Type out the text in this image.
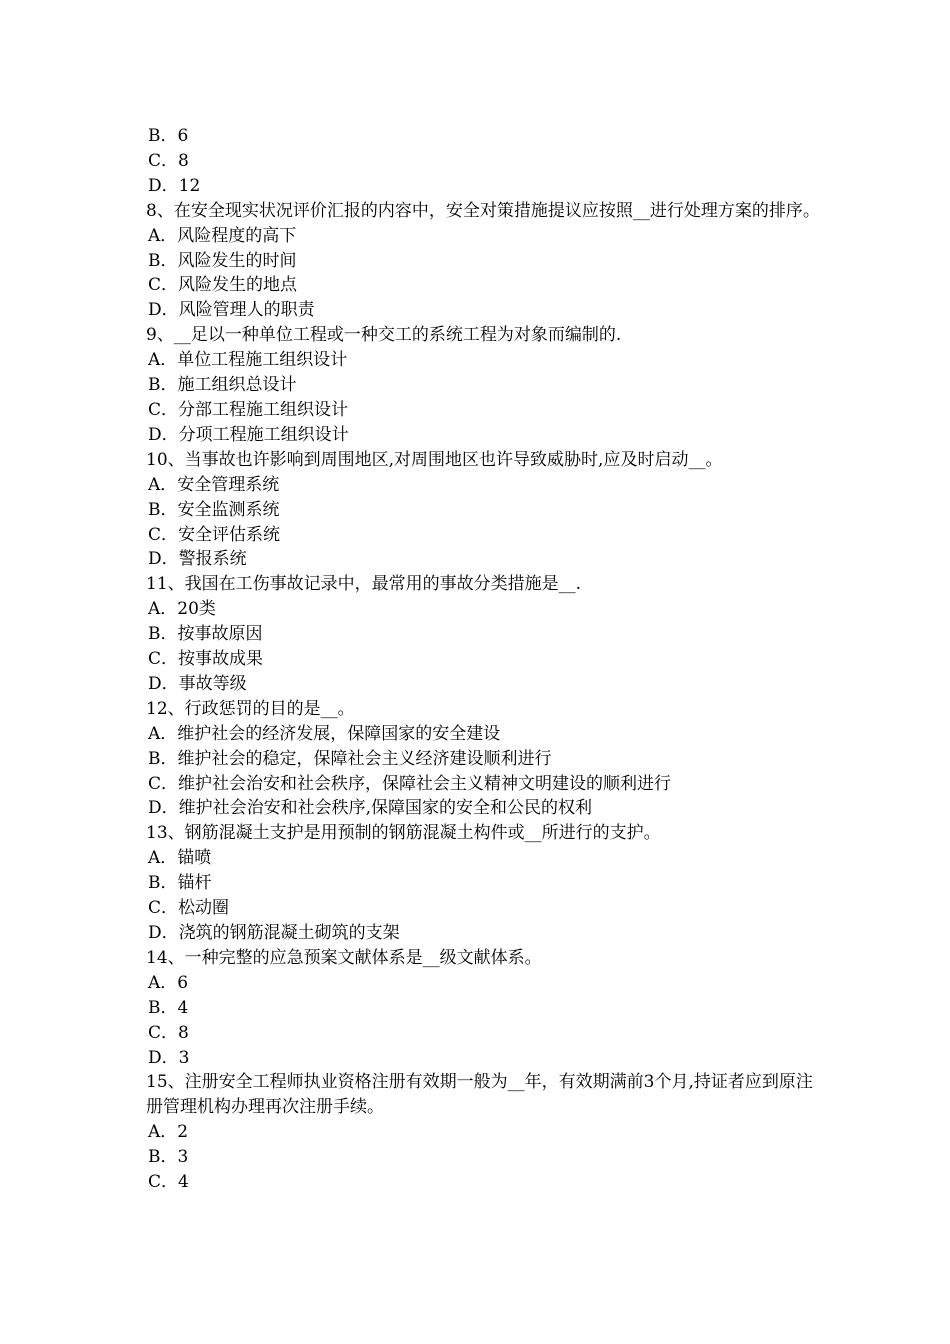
B．6
C．8
D．12
8、在安全现实状况评价汇报的内容中，安全对策措施提议应按照__进行处理方案的排序。
A．风险程度的高下
B．风险发生的时间
C．风险发生的地点
D．风险管理人的职责
9、__足以一种单位工程或一种交工的系统工程为对象而编制的.
A．单位工程施工组织设计
B．施工组织总设计
C．分部工程施工组织设计
D．分项工程施工组织设计
10、当事故也许影响到周围地区,对周围地区也许导致威胁时,应及时启动__。
A．安全管理系统
B．安全监测系统
C．安全评估系统
D．警报系统
11、我国在工伤事故记录中，最常用的事故分类措施是__.
A．20类
B．按事故原因
C．按事故成果
D．事故等级
12、行政惩罚的目的是__。
A．维护社会的经济发展，保障国家的安全建设
B．维护社会的稳定，保障社会主义经济建设顺利进行
C．维护社会治安和社会秩序，保障社会主义精神文明建设的顺利进行
D．维护社会治安和社会秩序,保障国家的安全和公民的权利
13、钢筋混凝土支护是用预制的钢筋混凝土构件或__所进行的支护。
A．锚喷
B．锚杆
C．松动圈
D．浇筑的钢筋混凝土砌筑的支架
14、一种完整的应急预案文献体系是__级文献体系。
A．6
B．4
C．8
D．3
15、注册安全工程师执业资格注册有效期一般为__年，有效期满前3个月,持证者应到原注册管理机构办理再次注册手续。
A．2
B．3
C．4
